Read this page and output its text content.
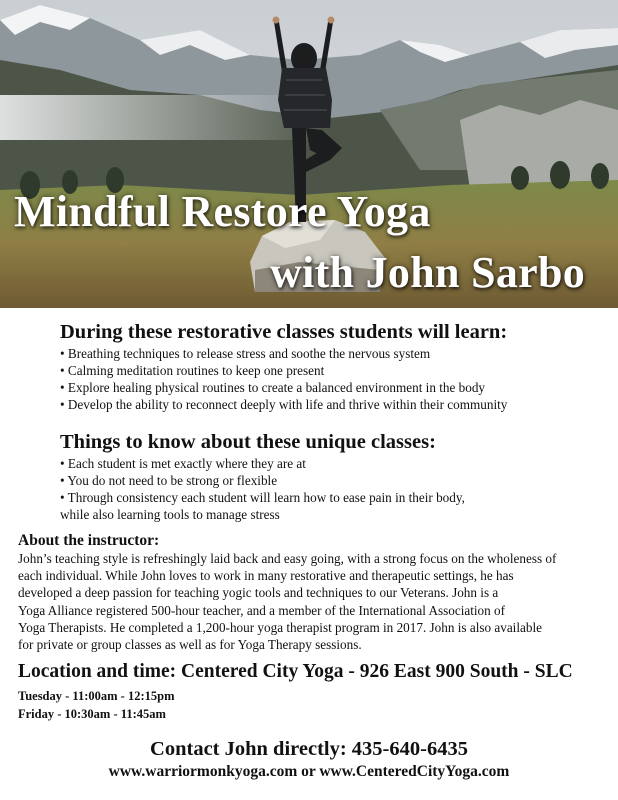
Mindful Restore Yoga
with John Sarbo
During these restorative classes students will learn:
• Breathing techniques to release stress and soothe the nervous system
• Calming meditation routines to keep one present
• Explore healing physical routines to create a balanced environment in the body
• Develop the ability to reconnect deeply with life and thrive within their community
Things to know about these unique classes:
• Each student is met exactly where they are at
• You do not need to be strong or flexible
• Through consistency each student will learn how to ease pain in their body,
while also learning tools to manage stress
About the instructor:

John’s teaching style is refreshingly laid back and easy going, with a strong focus on the wholeness of

each individual. While John loves to work in many restorative and therapeutic settings, he has

developed a deep passion for teaching yogic tools and techniques to our Veterans. John is a

Yoga Alliance registered 500-hour teacher, and a member of the International Association of

Yoga Therapists. He completed a 1,200-hour yoga therapist program in 2017. John is also available

for private or group classes as well as for Yoga Therapy sessions.

Location and time: Centered City Yoga - 926 East 900 South - SLC

Tuesday - 11:00am - 12:15pm

Friday - 10:30am - 11:45am

Contact John directly: 435-640-6435
www.warriormonkyoga.com or www.CenteredCityYoga.com
